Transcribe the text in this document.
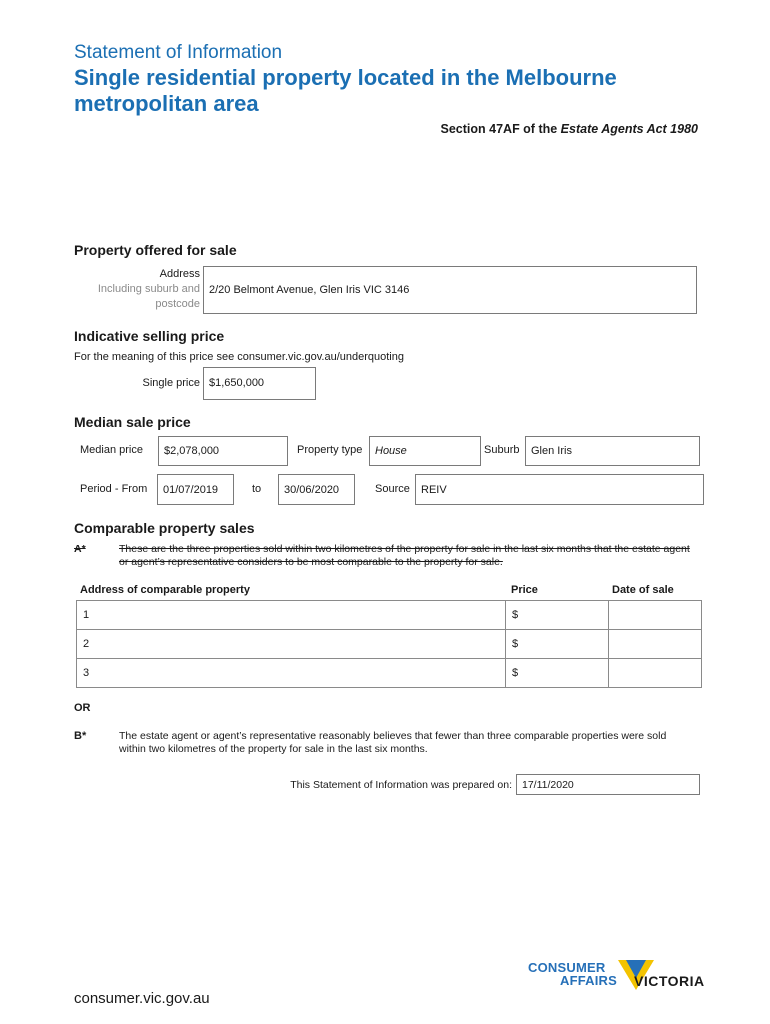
Statement of Information
Single residential property located in the Melbourne metropolitan area
Section 47AF of the Estate Agents Act 1980
Property offered for sale
Address
Including suburb and
postcode
2/20 Belmont Avenue, Glen Iris VIC 3146
Indicative selling price
For the meaning of this price see consumer.vic.gov.au/underquoting
Single price $1,650,000
Median sale price
Median price	$2,078,000	Property type	House	Suburb	Glen Iris
Period - From	01/07/2019	to	30/06/2020	Source	REIV
Comparable property sales
A*	These are the three properties sold within two kilometres of the property for sale in the last six months that the estate agent or agent’s representative considers to be most comparable to the property for sale.
Address of comparable property	Price	Date of sale
1	$	
2	$	
3	$	
OR
B*	The estate agent or agent’s representative reasonably believes that fewer than three comparable properties were sold within two kilometres of the property for sale in the last six months.
This Statement of Information was prepared on: 17/11/2020
consumer.vic.gov.au
CONSUMER
AFFAIRS VICTORIA
